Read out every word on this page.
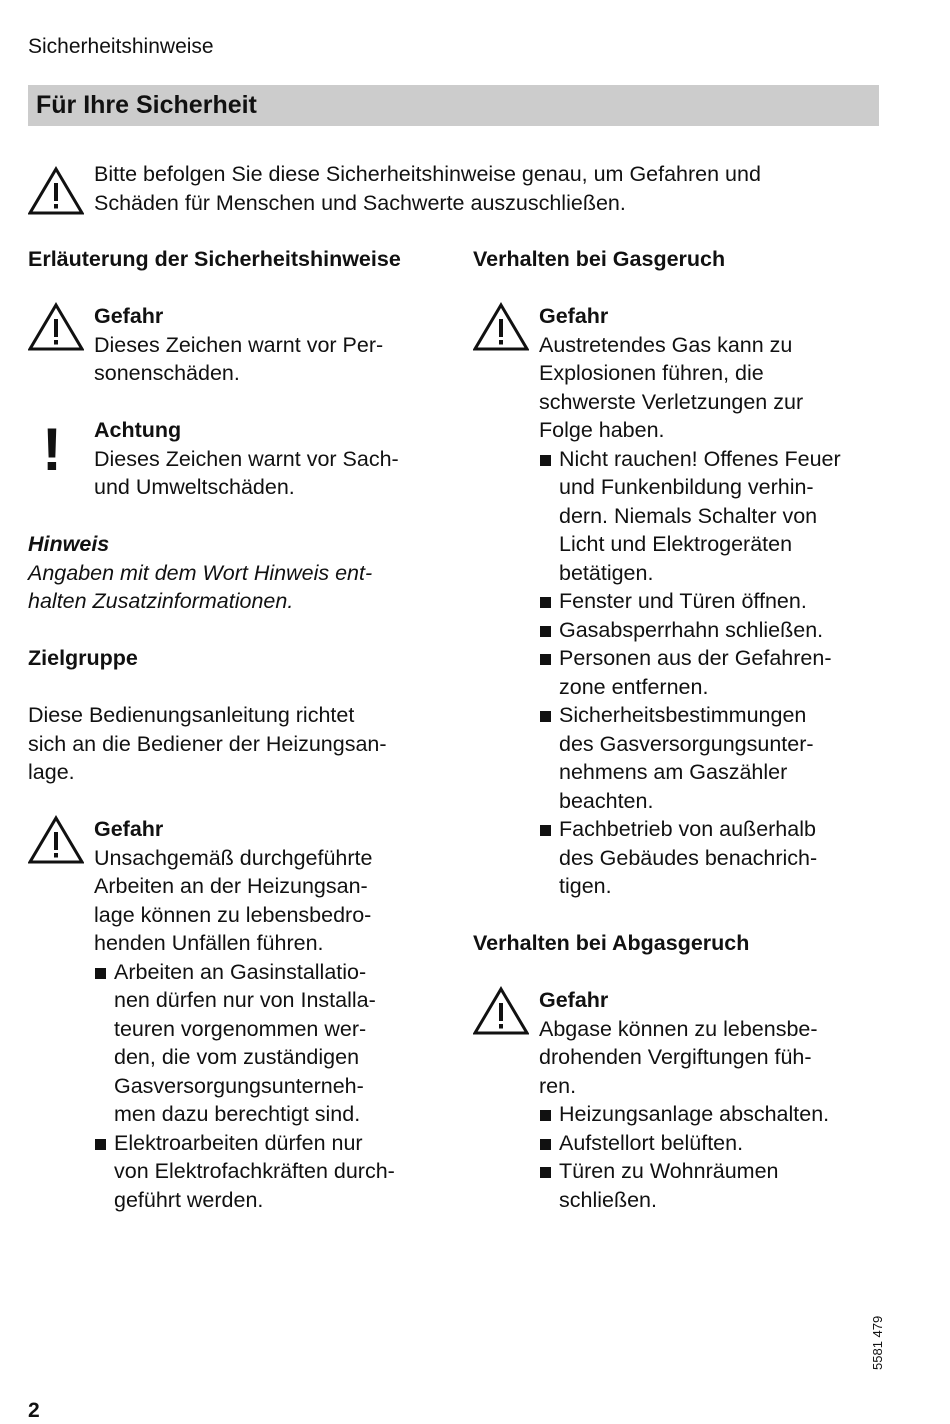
Sicherheitshinweise
Für Ihre Sicherheit
Bitte befolgen Sie diese Sicherheitshinweise genau, um Gefahren und
Schäden für Menschen und Sachwerte auszuschließen.
Erläuterung der Sicherheitshinweise
Gefahr
Dieses Zeichen warnt vor Per-
sonenschäden.
! Achtung
Dieses Zeichen warnt vor Sach-
und Umweltschäden.
Hinweis
Angaben mit dem Wort Hinweis ent-
halten Zusatzinformationen.
Zielgruppe
Diese Bedienungsanleitung richtet
sich an die Bediener der Heizungsan-
lage.
Gefahr
Unsachgemäß durchgeführte
Arbeiten an der Heizungsan-
lage können zu lebensbedro-
henden Unfällen führen.
Arbeiten an Gasinstallatio-
nen dürfen nur von Installa-
teuren vorgenommen wer-
den, die vom zuständigen
Gasversorgungsunterneh-
men dazu berechtigt sind.
Elektroarbeiten dürfen nur
von Elektrofachkräften durch-
geführt werden.
Verhalten bei Gasgeruch
Gefahr
Austretendes Gas kann zu
Explosionen führen, die
schwerste Verletzungen zur
Folge haben.
Nicht rauchen! Offenes Feuer
und Funkenbildung verhin-
dern. Niemals Schalter von
Licht und Elektrogeräten
betätigen.
Fenster und Türen öffnen.
Gasabsperrhahn schließen.
Personen aus der Gefahren-
zone entfernen.
Sicherheitsbestimmungen
des Gasversorgungsunter-
nehmens am Gaszähler
beachten.
Fachbetrieb von außerhalb
des Gebäudes benachrich-
tigen.
Verhalten bei Abgasgeruch
Gefahr
Abgase können zu lebensbe-
drohenden Vergiftungen füh-
ren.
Heizungsanlage abschalten.
Aufstellort belüften.
Türen zu Wohnräumen
schließen.
5581 479
2
